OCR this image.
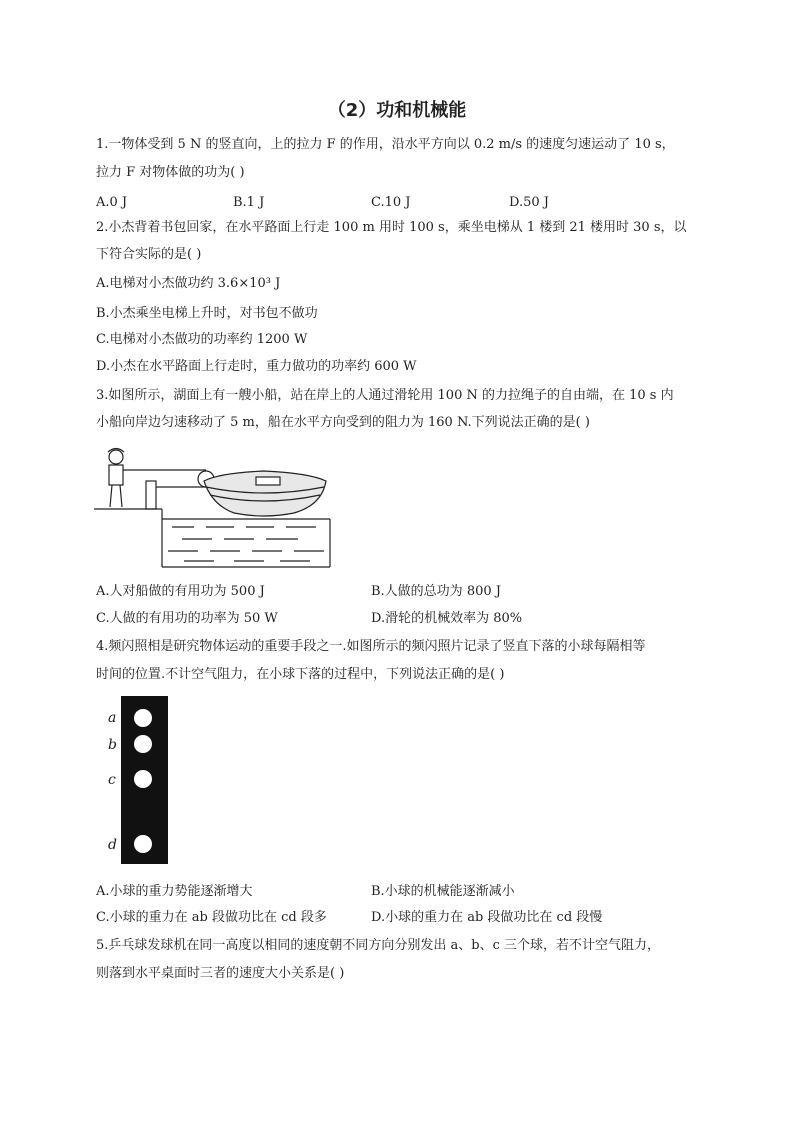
（2）功和机械能
1.一物体受到 5 N 的竖直向，上的拉力 F 的作用，沿水平方向以 0.2 m/s 的速度匀速运动了 10 s，
拉力 F 对物体做的功为( )
A.0 J	B.1 J	C.10 J	D.50 J
2.小杰背着书包回家，在水平路面上行走 100 m 用时 100 s，乘坐电梯从 1 楼到 21 楼用时 30 s，以
下符合实际的是( )
A.电梯对小杰做功约 3.6×10³ J
B.小杰乘坐电梯上升时，对书包不做功
C.电梯对小杰做功的功率约 1200 W
D.小杰在水平路面上行走时，重力做功的功率约 600 W
3.如图所示，湖面上有一艘小船，站在岸上的人通过滑轮用 100 N 的力拉绳子的自由端，在 10 s 内
小船向岸边匀速移动了 5 m，船在水平方向受到的阻力为 160 N.下列说法正确的是( )
A.人对船做的有用功为 500 J	B.人做的总功为 800 J
C.人做的有用功的功率为 50 W	D.滑轮的机械效率为 80%
4.频闪照相是研究物体运动的重要手段之一.如图所示的频闪照片记录了竖直下落的小球每隔相等
时间的位置.不计空气阻力，在小球下落的过程中，下列说法正确的是( )
a
b
c
d
A.小球的重力势能逐渐增大	B.小球的机械能逐渐减小
C.小球的重力在 ab 段做功比在 cd 段多	D.小球的重力在 ab 段做功比在 cd 段慢
5.乒乓球发球机在同一高度以相同的速度朝不同方向分别发出 a、b、c 三个球，若不计空气阻力，
则落到水平桌面时三者的速度大小关系是( )
